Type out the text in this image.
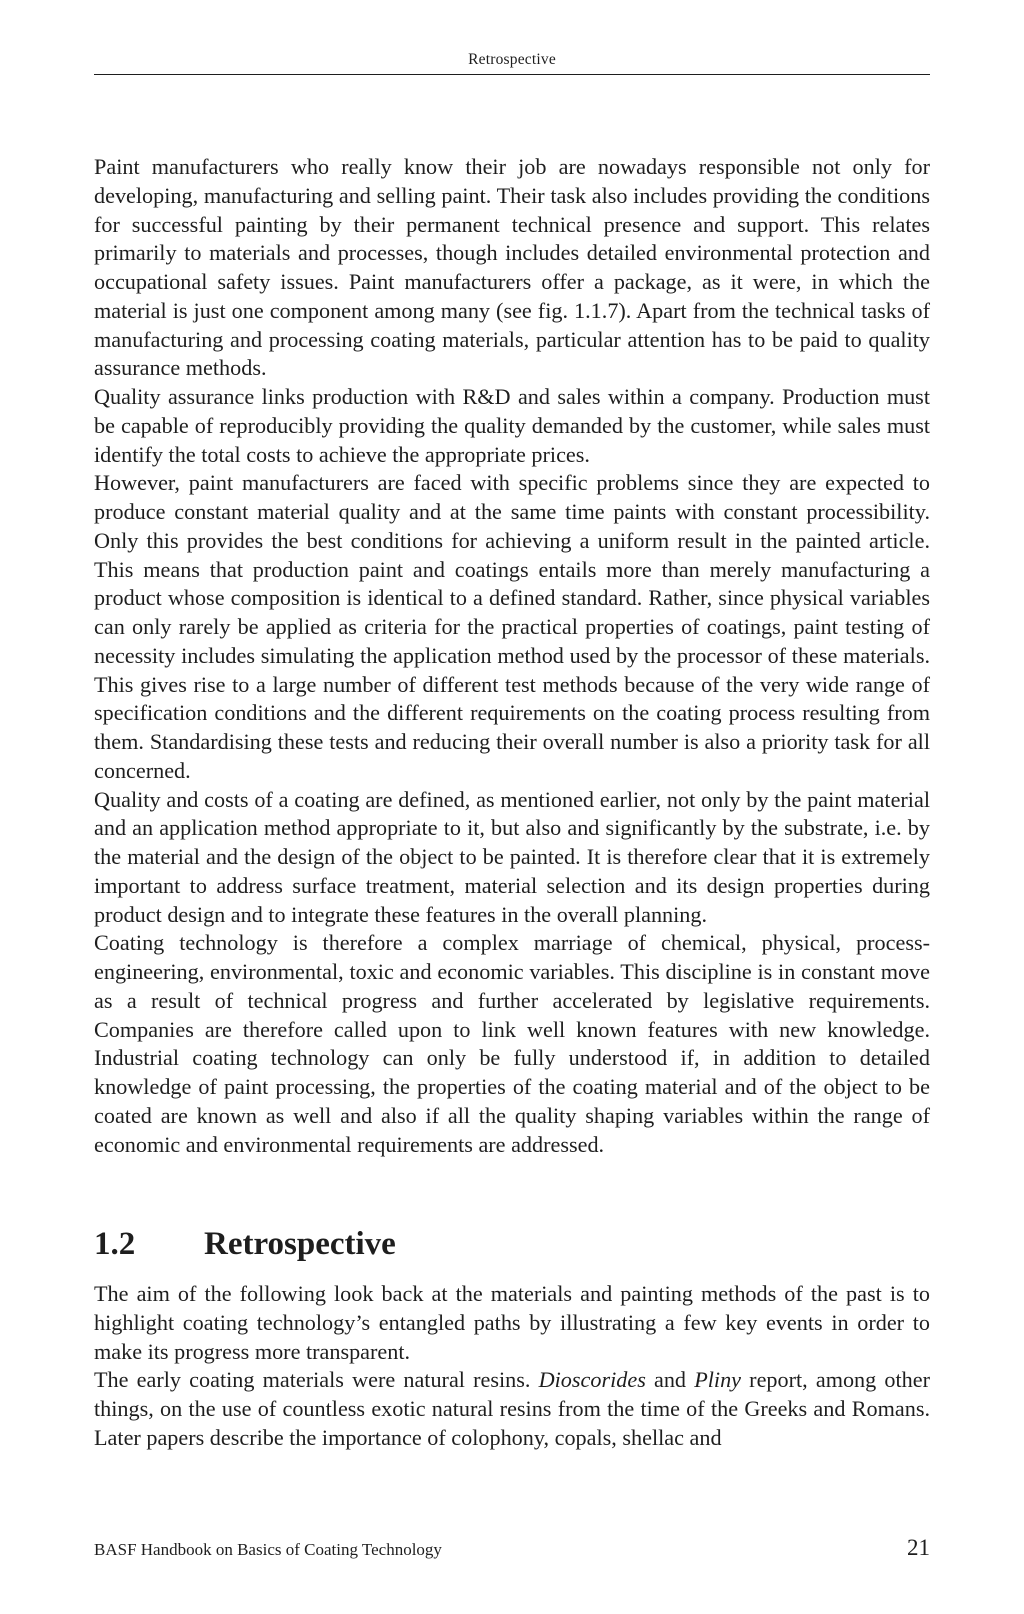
Retrospective

Paint manufacturers who really know their job are nowadays responsible not only for developing, manufacturing and selling paint. Their task also includes providing the conditions for successful painting by their permanent technical presence and support. This relates primarily to materials and processes, though includes detailed environmental protection and occupational safety issues. Paint manufacturers offer a package, as it were, in which the material is just one component among many (see fig. 1.1.7). Apart from the technical tasks of manufacturing and processing coating materials, particular attention has to be paid to quality assurance methods.

Quality assurance links production with R&D and sales within a company. Production must be capable of reproducibly providing the quality demanded by the customer, while sales must identify the total costs to achieve the appropriate prices.

However, paint manufacturers are faced with specific problems since they are expected to produce constant material quality and at the same time paints with constant processibility. Only this provides the best conditions for achieving a uniform result in the painted article. This means that production paint and coatings entails more than merely manufacturing a product whose composition is identical to a defined standard. Rather, since physical variables can only rarely be applied as criteria for the practical properties of coatings, paint testing of necessity includes simulating the application method used by the processor of these materials. This gives rise to a large number of different test methods because of the very wide range of specification conditions and the different requirements on the coating process resulting from them. Standardising these tests and reducing their overall number is also a priority task for all concerned.

Quality and costs of a coating are defined, as mentioned earlier, not only by the paint material and an application method appropriate to it, but also and significantly by the substrate, i.e. by the material and the design of the object to be painted. It is therefore clear that it is extremely important to address surface treatment, material selection and its design properties during product design and to integrate these features in the overall planning.

Coating technology is therefore a complex marriage of chemical, physical, process-engineering, environmental, toxic and economic variables. This discipline is in constant move as a result of technical progress and further accelerated by legislative requirements. Companies are therefore called upon to link well known features with new knowledge. Industrial coating technology can only be fully understood if, in addition to detailed knowledge of paint processing, the properties of the coating material and of the object to be coated are known as well and also if all the quality shaping variables within the range of economic and environmental requirements are addressed.

1.2 Retrospective

The aim of the following look back at the materials and painting methods of the past is to highlight coating technology’s entangled paths by illustrating a few key events in order to make its progress more transparent.

The early coating materials were natural resins. Dioscorides and Pliny report, among other things, on the use of countless exotic natural resins from the time of the Greeks and Romans. Later papers describe the importance of colophony, copals, shellac and

BASF Handbook on Basics of Coating Technology	21
